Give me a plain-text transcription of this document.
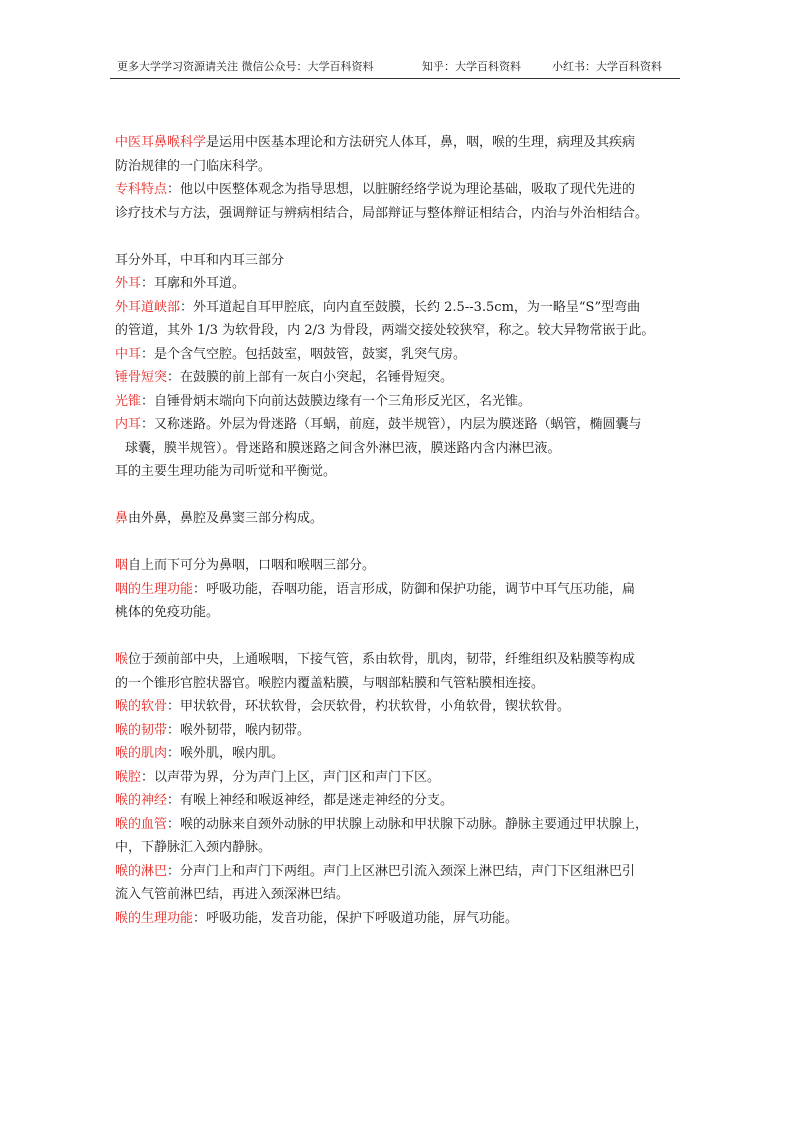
更多大学学习资源请关注 微信公众号：大学百科资料	知乎：大学百科资料	小红书：大学百科资料
中医耳鼻喉科学是运用中医基本理论和方法研究人体耳，鼻，咽，喉的生理，病理及其疾病
防治规律的一门临床科学。
专科特点：他以中医整体观念为指导思想，以脏腑经络学说为理论基础，吸取了现代先进的
诊疗技术与方法，强调辩证与辨病相结合，局部辩证与整体辩证相结合，内治与外治相结合。
耳分外耳，中耳和内耳三部分
外耳：耳廓和外耳道。
外耳道峡部：外耳道起自耳甲腔底，向内直至鼓膜，长约 2.5--3.5cm，为一略呈“S”型弯曲
的管道，其外 1/3 为软骨段，内 2/3 为骨段，两端交接处较狭窄，称之。较大异物常嵌于此。
中耳：是个含气空腔。包括鼓室，咽鼓管，鼓窦，乳突气房。
锤骨短突：在鼓膜的前上部有一灰白小突起，名锤骨短突。
光锥：自锤骨炳末端向下向前达鼓膜边缘有一个三角形反光区，名光锥。
内耳：又称迷路。外层为骨迷路（耳蜗，前庭，鼓半规管），内层为膜迷路（蜗管，椭圆囊与
球囊，膜半规管）。骨迷路和膜迷路之间含外淋巴液，膜迷路内含内淋巴液。
耳的主要生理功能为司听觉和平衡觉。
鼻由外鼻，鼻腔及鼻窦三部分构成。
咽自上而下可分为鼻咽，口咽和喉咽三部分。
咽的生理功能：呼吸功能，吞咽功能，语言形成，防御和保护功能，调节中耳气压功能，扁
桃体的免疫功能。
喉位于颈前部中央，上通喉咽，下接气管，系由软骨，肌肉，韧带，纤维组织及粘膜等构成
的一个锥形官腔状器官。喉腔内覆盖粘膜，与咽部粘膜和气管粘膜相连接。
喉的软骨：甲状软骨，环状软骨，会厌软骨，杓状软骨，小角软骨，锲状软骨。
喉的韧带：喉外韧带，喉内韧带。
喉的肌肉：喉外肌，喉内肌。
喉腔：以声带为界，分为声门上区，声门区和声门下区。
喉的神经：有喉上神经和喉返神经，都是迷走神经的分支。
喉的血管：喉的动脉来自颈外动脉的甲状腺上动脉和甲状腺下动脉。静脉主要通过甲状腺上，
中，下静脉汇入颈内静脉。
喉的淋巴：分声门上和声门下两组。声门上区淋巴引流入颈深上淋巴结，声门下区组淋巴引
流入气管前淋巴结，再进入颈深淋巴结。
喉的生理功能：呼吸功能，发音功能，保护下呼吸道功能，屏气功能。
